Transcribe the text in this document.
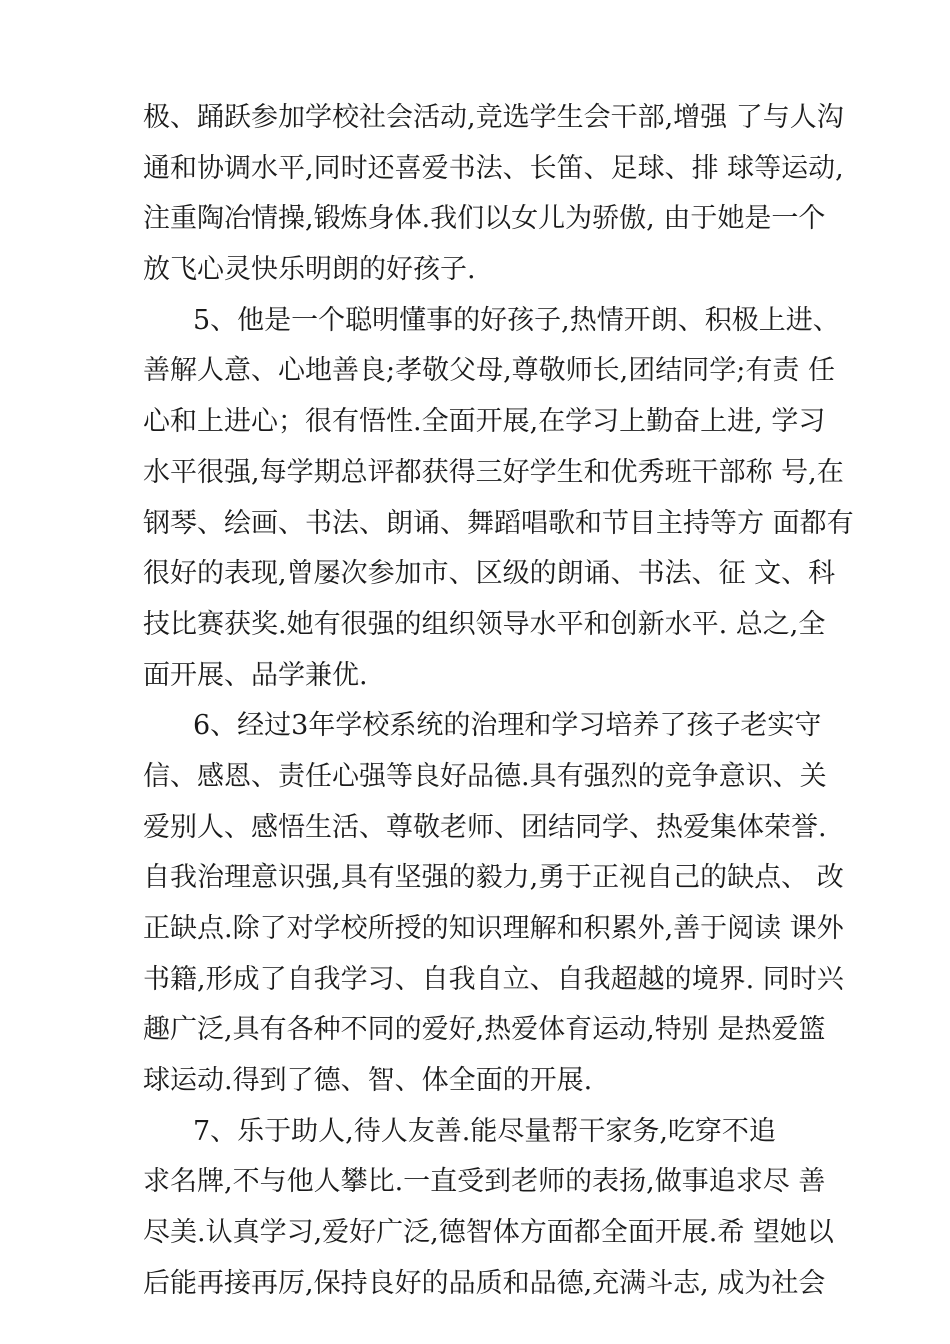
极、踊跃参加学校社会活动,竞选学生会干部,增强 了与人沟
通和协调水平,同时还喜爱书法、长笛、足球、排 球等运动,
注重陶冶情操,锻炼身体.我们以女儿为骄傲, 由于她是一个
放飞心灵快乐明朗的好孩子.
5、他是一个聪明懂事的好孩子,热情开朗、积极上进、
善解人意、心地善良;孝敬父母,尊敬师长,团结同学;有责 任
心和上进心；很有悟性.全面开展,在学习上勤奋上进, 学习
水平很强,每学期总评都获得三好学生和优秀班干部称 号,在
钢琴、绘画、书法、朗诵、舞蹈唱歌和节目主持等方 面都有
很好的表现,曾屡次参加市、区级的朗诵、书法、征 文、科
技比赛获奖.她有很强的组织领导水平和创新水平. 总之,全
面开展、品学兼优.
6、经过3年学校系统的治理和学习培养了孩子老实守
信、感恩、责任心强等良好品德.具有强烈的竞争意识、关
爱别人、感悟生活、尊敬老师、团结同学、热爱集体荣誉.
自我治理意识强,具有坚强的毅力,勇于正视自己的缺点、 改
正缺点.除了对学校所授的知识理解和积累外,善于阅读 课外
书籍,形成了自我学习、自我自立、自我超越的境界. 同时兴
趣广泛,具有各种不同的爱好,热爱体育运动,特别 是热爱篮
球运动.得到了德、智、体全面的开展.
7、乐于助人,待人友善.能尽量帮干家务,吃穿不追
求名牌,不与他人攀比.一直受到老师的表扬,做事追求尽 善
尽美.认真学习,爱好广泛,德智体方面都全面开展.希 望她以
后能再接再厉,保持良好的品质和品德,充满斗志, 成为社会
